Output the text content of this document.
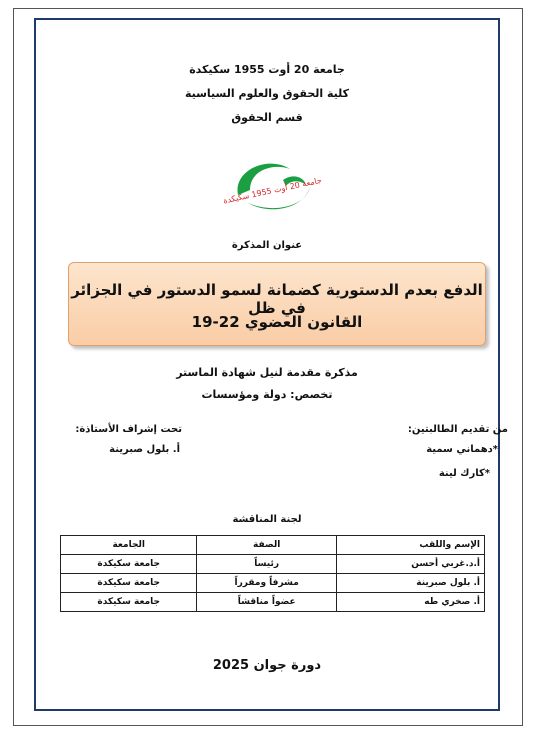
جامعة 20 أوت 1955 سكيكدة
كلية الحقوق والعلوم السياسية
قسم الحقوق
جامعة 20 أوت 1955 سكيكدة
عنوان المذكرة
الدفع بعدم الدستورية كضمانة لسمو الدستور في الجزائر في ظل
القانون العضوي 22-19
مذكرة مقدمة لنيل شهادة الماستر
تخصص: دولة ومؤسسات
من تقديم الطالبتين:
*دهماني سمية
*كارك لينة
تحت إشراف الأستاذة:
أ. بلول صبرينة
لجنة المناقشة
الجامعة	الصفة	الإسم واللقب
جامعة سكيكدة	رئيساً	أ.د.غربي أحسن
جامعة سكيكدة	مشرفاً ومقرراً	أ. بلول صبرينة
جامعة سكيكدة	عضواً مناقشاً	أ. صخري طه
دورة جوان 2025
